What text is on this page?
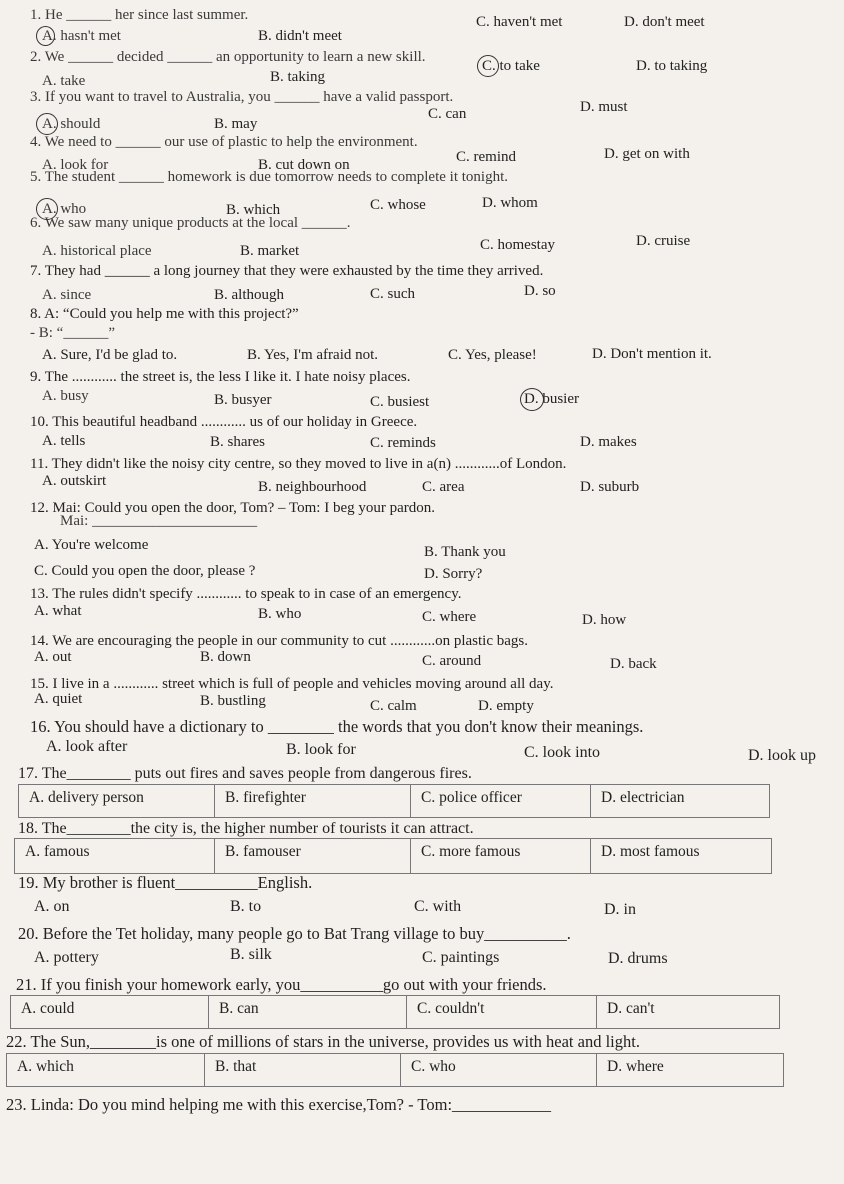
1. He ______ her since last summer.
A. hasn't met	B. didn't meet
C. haven't met	D. don't meet
2. We ______ decided ______ an opportunity to learn a new skill.
A. take	B. taking
C. to take	D. to taking
3. If you want to travel to Australia, you ______ have a valid passport.
A. should	B. may
C. can	D. must
4. We need to ______ our use of plastic to help the environment.
A. look for	B. cut down on	C. remind	D. get on with
5. The student ______ homework is due tomorrow needs to complete it tonight.
A. who	B. which	C. whose	D. whom
6. We saw many unique products at the local ______.
A. historical place	B. market	C. homestay	D. cruise
7. They had ______ a long journey that they were exhausted by the time they arrived.
A. since	B. although	C. such	D. so
8. A: “Could you help me with this project?”
- B: “______”
A. Sure, I'd be glad to.	B. Yes, I'm afraid not.	C. Yes, please!	D. Don't mention it.
9. The ............ the street is, the less I like it. I hate noisy places.
A. busy	B. busyer	C. busiest	D. busier
10. This beautiful headband ............ us of our holiday in Greece.
A. tells	B. shares	C. reminds	D. makes
11. They didn't like the noisy city centre, so they moved to live in a(n) ............of London.
A. outskirt	B. neighbourhood	C. area	D. suburb
12. Mai: Could you open the door, Tom? – Tom: I beg your pardon.
Mai: ______________________
A. You're welcome	B. Thank you
C. Could you open the door, please ?	D. Sorry?
13. The rules didn't specify ............ to speak to in case of an emergency.
A. what	B. who	C. where	D. how
14. We are encouraging the people in our community to cut ............on plastic bags.
A. out	B. down	C. around	D. back
15. I live in a ............ street which is full of people and vehicles moving around all day.
A. quiet	B. bustling	C. calm	D. empty
16. You should have a dictionary to ________ the words that you don't know their meanings.
A. look after	B. look for	C. look into	D. look up
17. The________ puts out fires and saves people from dangerous fires.
A. delivery person	B. firefighter	C. police officer	D. electrician
18. The________the city is, the higher number of tourists it can attract.
A. famous	B. famouser	C. more famous	D. most famous
19. My brother is fluent__________English.
A. on	B. to	C. with	D. in
20. Before the Tet holiday, many people go to Bat Trang village to buy__________.
A. pottery	B. silk	C. paintings	D. drums
21. If you finish your homework early, you__________go out with your friends.
A. could	B. can	C. couldn't	D. can't
22. The Sun,________is one of millions of stars in the universe, provides us with heat and light.
A. which	B. that	C. who	D. where
23. Linda: Do you mind helping me with this exercise,Tom? - Tom:____________
